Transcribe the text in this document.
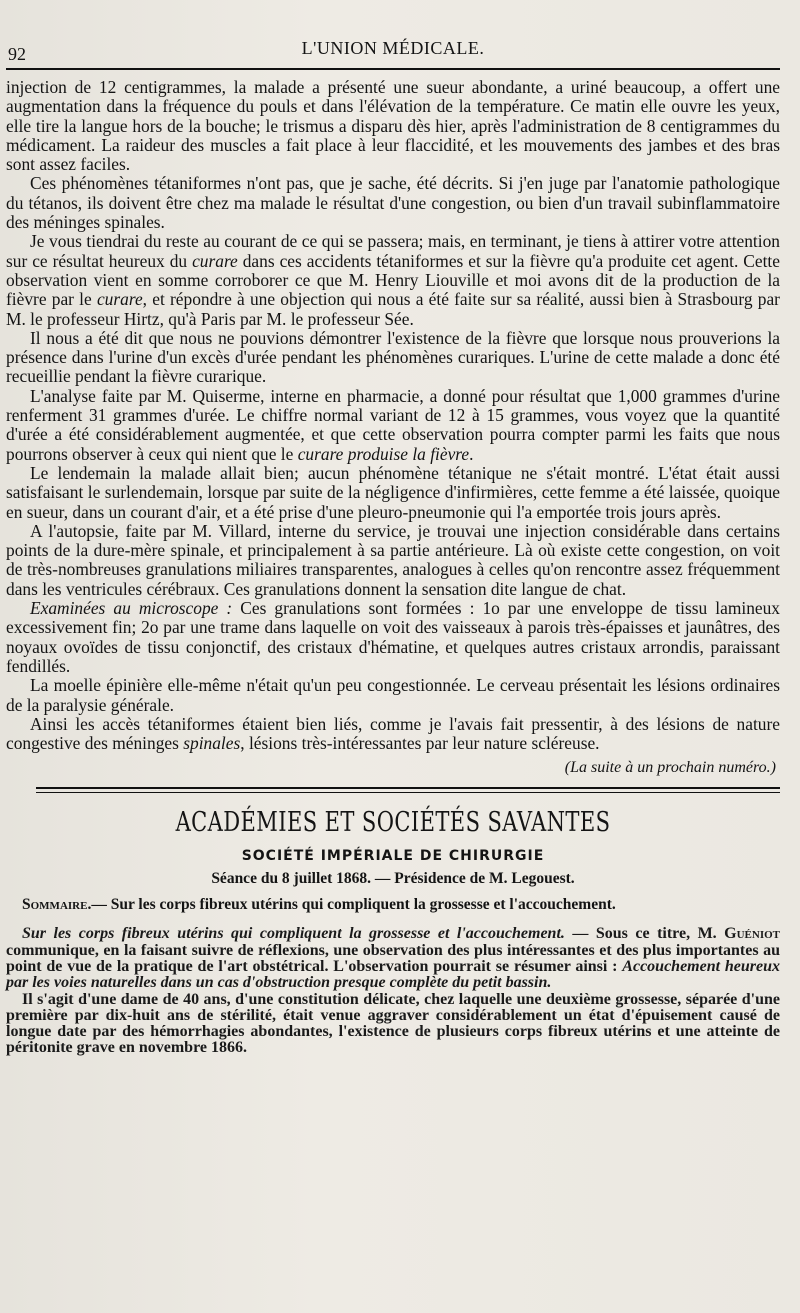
92	L'UNION MÉDICALE.

injection de 12 centigrammes, la malade a présenté une sueur abondante, a uriné beaucoup, a offert une augmentation dans la fréquence du pouls et dans l'élévation de la température. Ce matin elle ouvre les yeux, elle tire la langue hors de la bouche; le trismus a disparu dès hier, après l'administration de 8 centigrammes du médicament. La raideur des muscles a fait place à leur flaccidité, et les mouvements des jambes et des bras sont assez faciles.

Ces phénomènes tétaniformes n'ont pas, que je sache, été décrits. Si j'en juge par l'anatomie pathologique du tétanos, ils doivent être chez ma malade le résultat d'une congestion, ou bien d'un travail subinflammatoire des méninges spinales.

Je vous tiendrai du reste au courant de ce qui se passera; mais, en terminant, je tiens à attirer votre attention sur ce résultat heureux du curare dans ces accidents tétaniformes et sur la fièvre qu'a produite cet agent. Cette observation vient en somme corroborer ce que M. Henry Liouville et moi avons dit de la production de la fièvre par le curare, et répondre à une objection qui nous a été faite sur sa réalité, aussi bien à Strasbourg par M. le professeur Hirtz, qu'à Paris par M. le professeur Sée.

Il nous a été dit que nous ne pouvions démontrer l'existence de la fièvre que lorsque nous prouverions la présence dans l'urine d'un excès d'urée pendant les phénomènes curariques. L'urine de cette malade a donc été recueillie pendant la fièvre curarique.

L'analyse faite par M. Quiserme, interne en pharmacie, a donné pour résultat que 1,000 grammes d'urine renferment 31 grammes d'urée. Le chiffre normal variant de 12 à 15 grammes, vous voyez que la quantité d'urée a été considérablement augmentée, et que cette observation pourra compter parmi les faits que nous pourrons observer à ceux qui nient que le curare produise la fièvre.

Le lendemain la malade allait bien; aucun phénomène tétanique ne s'était montré. L'état était aussi satisfaisant le surlendemain, lorsque par suite de la négligence d'infirmières, cette femme a été laissée, quoique en sueur, dans un courant d'air, et a été prise d'une pleuro-pneumonie qui l'a emportée trois jours après.

A l'autopsie, faite par M. Villard, interne du service, je trouvai une injection considérable dans certains points de la dure-mère spinale, et principalement à sa partie antérieure. Là où existe cette congestion, on voit de très-nombreuses granulations miliaires transparentes, analogues à celles qu'on rencontre assez fréquemment dans les ventricules cérébraux. Ces granulations donnent la sensation dite langue de chat.

Examinées au microscope : Ces granulations sont formées : 1o par une enveloppe de tissu lamineux excessivement fin; 2o par une trame dans laquelle on voit des vaisseaux à parois très-épaisses et jaunâtres, des noyaux ovoïdes de tissu conjonctif, des cristaux d'hématine, et quelques autres cristaux arrondis, paraissant fendillés.

La moelle épinière elle-même n'était qu'un peu congestionnée. Le cerveau présentait les lésions ordinaires de la paralysie générale.

Ainsi les accès tétaniformes étaient bien liés, comme je l'avais fait pressentir, à des lésions de nature congestive des méninges spinales, lésions très-intéressantes par leur nature scléreuse.

(La suite à un prochain numéro.)
ACADÉMIES ET SOCIÉTÉS SAVANTES
SOCIÉTÉ IMPÉRIALE DE CHIRURGIE
Séance du 8 juillet 1868. — Présidence de M. Legouest.
Sommaire.— Sur les corps fibreux utérins qui compliquent la grossesse et l'accouchement.

Sur les corps fibreux utérins qui compliquent la grossesse et l'accouchement. — Sous ce titre, M. Guéniot communique, en la faisant suivre de réflexions, une observation des plus intéressantes et des plus importantes au point de vue de la pratique de l'art obstétrical. L'observation pourrait se résumer ainsi : Accouchement heureux par les voies naturelles dans un cas d'obstruction presque complète du petit bassin.

Il s'agit d'une dame de 40 ans, d'une constitution délicate, chez laquelle une deuxième grossesse, séparée d'une première par dix-huit ans de stérilité, était venue aggraver considérablement un état d'épuisement causé de longue date par des hémorrhagies abondantes, l'existence de plusieurs corps fibreux utérins et une atteinte de péritonite grave en novembre 1866.
